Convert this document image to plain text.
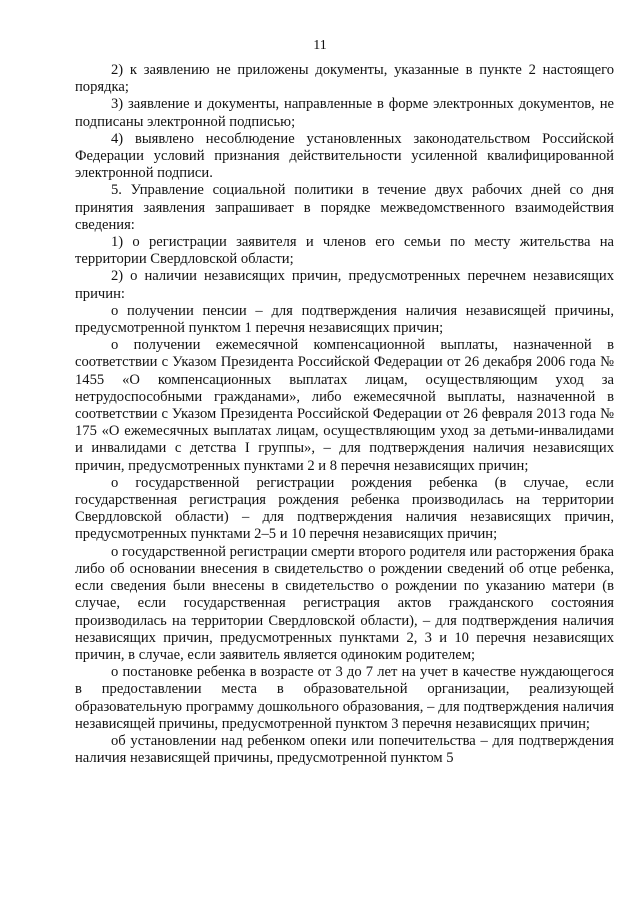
11

2) к заявлению не приложены документы, указанные в пункте 2 настоящего порядка;

3) заявление и документы, направленные в форме электронных документов, не подписаны электронной подписью;

4) выявлено несоблюдение установленных законодательством Российской Федерации условий признания действительности усиленной квалифицированной электронной подписи.

5. Управление социальной политики в течение двух рабочих дней со дня принятия заявления запрашивает в порядке межведомственного взаимодействия сведения:

1) о регистрации заявителя и членов его семьи по месту жительства на территории Свердловской области;

2) о наличии независящих причин, предусмотренных перечнем независящих причин:

о получении пенсии – для подтверждения наличия независящей причины, предусмотренной пунктом 1 перечня независящих причин;

о получении ежемесячной компенсационной выплаты, назначенной в соответствии с Указом Президента Российской Федерации от 26 декабря 2006 года № 1455 «О компенсационных выплатах лицам, осуществляющим уход за нетрудоспособными гражданами», либо ежемесячной выплаты, назначенной в соответствии с Указом Президента Российской Федерации от 26 февраля 2013 года № 175 «О ежемесячных выплатах лицам, осуществляющим уход за детьми-инвалидами и инвалидами с детства I группы», – для подтверждения наличия независящих причин, предусмотренных пунктами 2 и 8 перечня независящих причин;

о государственной регистрации рождения ребенка (в случае, если государственная регистрация рождения ребенка производилась на территории Свердловской области) – для подтверждения наличия независящих причин, предусмотренных пунктами 2–5 и 10 перечня независящих причин;

о государственной регистрации смерти второго родителя или расторжения брака либо об основании внесения в свидетельство о рождении сведений об отце ребенка, если сведения были внесены в свидетельство о рождении по указанию матери (в случае, если государственная регистрация актов гражданского состояния производилась на территории Свердловской области), – для подтверждения наличия независящих причин, предусмотренных пунктами 2, 3 и 10 перечня независящих причин, в случае, если заявитель является одиноким родителем;

о постановке ребенка в возрасте от 3 до 7 лет на учет в качестве нуждающегося в предоставлении места в образовательной организации, реализующей образовательную программу дошкольного образования, – для подтверждения наличия независящей причины, предусмотренной пунктом 3 перечня независящих причин;

об установлении над ребенком опеки или попечительства – для подтверждения наличия независящей причины, предусмотренной пунктом 5
